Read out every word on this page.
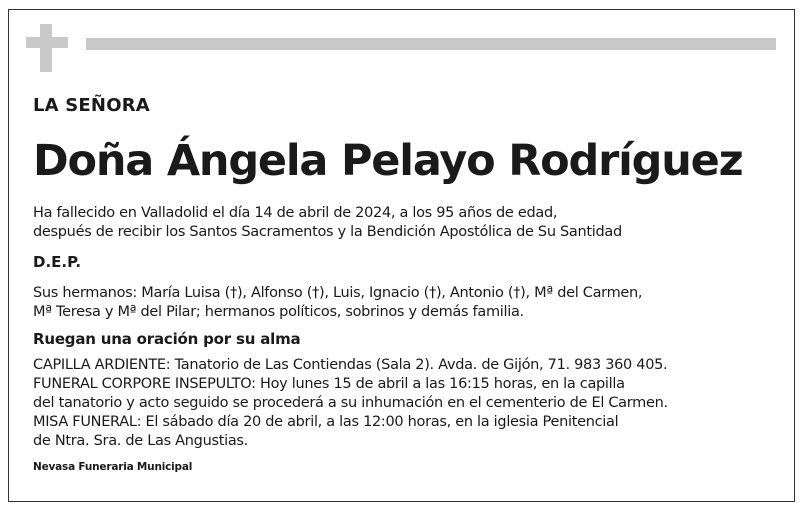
LA SEÑORA

Doña Ángela Pelayo Rodríguez

Ha fallecido en Valladolid el día 14 de abril de 2024, a los 95 años de edad,
después de recibir los Santos Sacramentos y la Bendición Apostólica de Su Santidad

D.E.P.

Sus hermanos: María Luisa (†), Alfonso (†), Luis, Ignacio (†), Antonio (†), Mª del Carmen,
Mª Teresa y Mª del Pilar; hermanos políticos, sobrinos y demás familia.

Ruegan una oración por su alma

CAPILLA ARDIENTE: Tanatorio de Las Contiendas (Sala 2). Avda. de Gijón, 71. 983 360 405.
FUNERAL CORPORE INSEPULTO: Hoy lunes 15 de abril a las 16:15 horas, en la capilla
del tanatorio y acto seguido se procederá a su inhumación en el cementerio de El Carmen.
MISA FUNERAL: El sábado día 20 de abril, a las 12:00 horas, en la iglesia Penitencial
de Ntra. Sra. de Las Angustias.

Nevasa Funeraria Municipal
